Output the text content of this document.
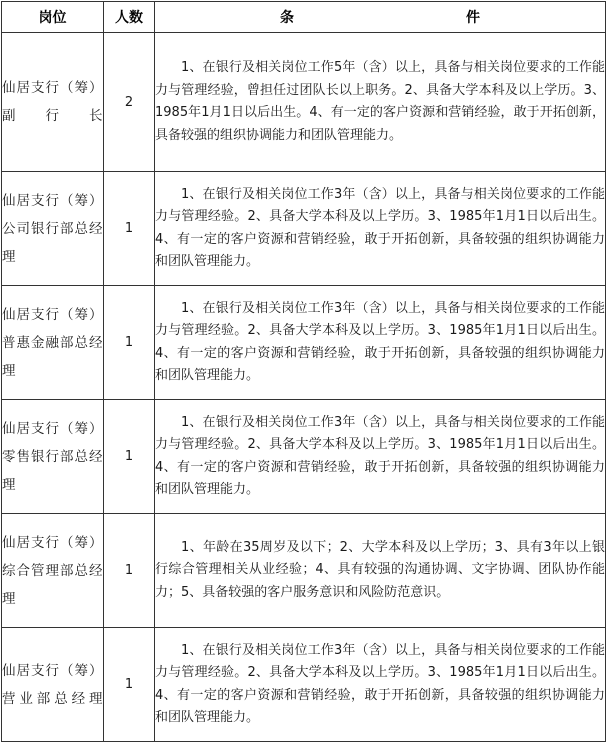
岗位	人数	条件
仙居支行（筹）副行长	2	1、在银行及相关岗位工作5年（含）以上，具备与相关岗位要求的工作能力与管理经验，曾担任过团队长以上职务。2、具备大学本科及以上学历。3、1985年1月1日以后出生。4、有一定的客户资源和营销经验，敢于开拓创新，具备较强的组织协调能力和团队管理能力。
仙居支行（筹）公司银行部总经理	1	1、在银行及相关岗位工作3年（含）以上，具备与相关岗位要求的工作能力与管理经验。2、具备大学本科及以上学历。3、1985年1月1日以后出生。4、有一定的客户资源和营销经验，敢于开拓创新，具备较强的组织协调能力和团队管理能力。
仙居支行（筹）普惠金融部总经理	1	1、在银行及相关岗位工作3年（含）以上，具备与相关岗位要求的工作能力与管理经验。2、具备大学本科及以上学历。3、1985年1月1日以后出生。4、有一定的客户资源和营销经验，敢于开拓创新，具备较强的组织协调能力和团队管理能力。
仙居支行（筹）零售银行部总经理	1	1、在银行及相关岗位工作3年（含）以上，具备与相关岗位要求的工作能力与管理经验。2、具备大学本科及以上学历。3、1985年1月1日以后出生。4、有一定的客户资源和营销经验，敢于开拓创新，具备较强的组织协调能力和团队管理能力。
仙居支行（筹）综合管理部总经理	1	1、年龄在35周岁及以下；2、大学本科及以上学历；3、具有3年以上银行综合管理相关从业经验；4、具有较强的沟通协调、文字协调、团队协作能力；5、具备较强的客户服务意识和风险防范意识。
仙居支行（筹）营业部总经理	1	1、在银行及相关岗位工作3年（含）以上，具备与相关岗位要求的工作能力与管理经验。2、具备大学本科及以上学历。3、1985年1月1日以后出生。4、有一定的客户资源和营销经验，敢于开拓创新，具备较强的组织协调能力和团队管理能力。
